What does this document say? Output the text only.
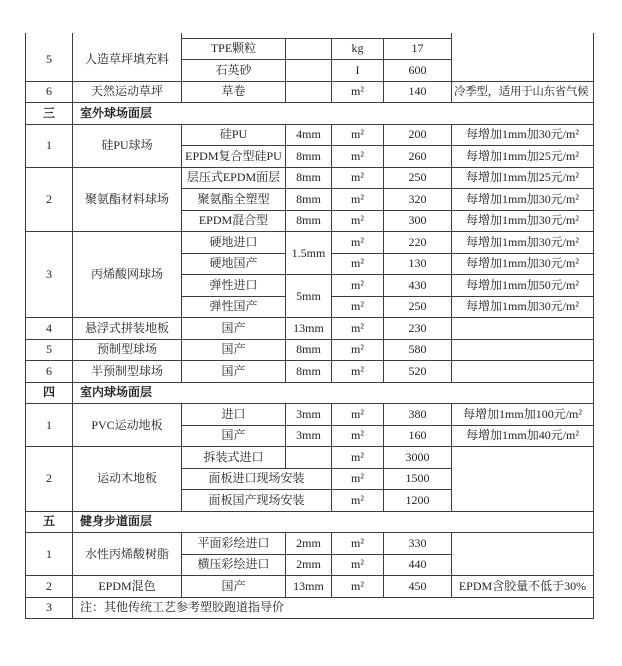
5	人造草坪填充料	TPE颗粒		kg	17	
		石英砂		I	600	
6	天然运动草坪	草卷		m²	140	冷季型，适用于山东省气候
三	室外球场面层					
1	硅PU球场	硅PU	4mm	m²	200	每增加1mm加30元/m²
		EPDM复合型硅PU	8mm	m²	260	每增加1mm加25元/m²
2	聚氨酯材料球场	层压式EPDM面层	8mm	m²	250	每增加1mm加25元/m²
		聚氨酯全塑型	8mm	m²	320	每增加1mm加30元/m²
		EPDM混合型	8mm	m²	300	每增加1mm加30元/m²
3	丙烯酸网球场	硬地进口	1.5mm	m²	220	每增加1mm加30元/m²
		硬地国产		m²	130	每增加1mm加30元/m²
		弹性进口	5mm	m²	430	每增加1mm加50元/m²
		弹性国产		m²	250	每增加1mm加30元/m²
4	悬浮式拼装地板	国产	13mm	m²	230	
5	预制型球场	国产	8mm	m²	580	
6	半预制型球场	国产	8mm	m²	520	
四	室内球场面层					
1	PVC运动地板	进口	3mm	m²	380	每增加1mm加100元/m²
		国产	3mm	m²	160	每增加1mm加40元/m²
2	运动木地板	拆装式进口		m²	3000	
		面板进口现场安装		m²	1500	
		面板国产现场安装		m²	1200	
五	健身步道面层					
1	水性丙烯酸树脂	平面彩绘进口	2mm	m²	330	
		横压彩绘进口	2mm	m²	440	
2	EPDM混色	国产	13mm	m²	450	EPDM含胶量不低于30%
3	注：其他传统工艺参考塑胶跑道指导价					
